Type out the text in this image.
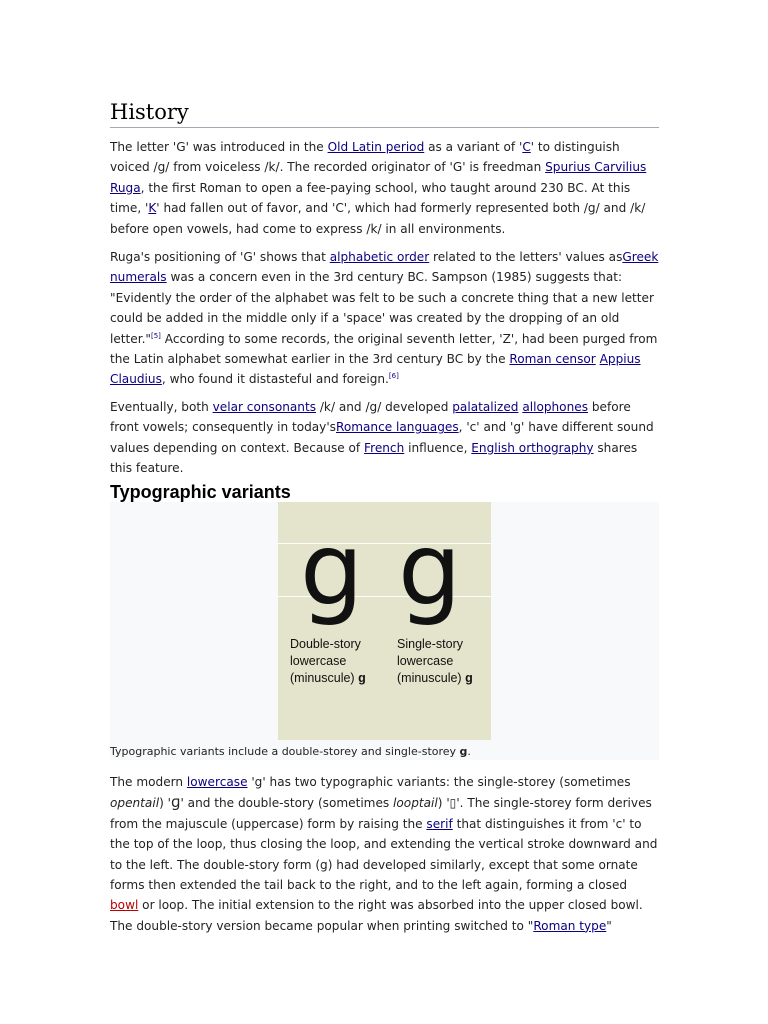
History

The letter 'G' was introduced in the Old Latin period as a variant of 'C' to distinguish voiced /g/ from voiceless /k/. The recorded originator of 'G' is freedman Spurius Carvilius Ruga, the first Roman to open a fee-paying school, who taught around 230 BC. At this time, 'K' had fallen out of favor, and 'C', which had formerly represented both /g/ and /k/ before open vowels, had come to express /k/ in all environments.

Ruga's positioning of 'G' shows that alphabetic order related to the letters' values asGreek numerals was a concern even in the 3rd century BC. Sampson (1985) suggests that: "Evidently the order of the alphabet was felt to be such a concrete thing that a new letter could be added in the middle only if a 'space' was created by the dropping of an old letter."[5] According to some records, the original seventh letter, 'Z', had been purged from the Latin alphabet somewhat earlier in the 3rd century BC by the Roman censor Appius Claudius, who found it distasteful and foreign.[6]

Eventually, both velar consonants /k/ and /g/ developed palatalized allophones before front vowels; consequently in today'sRomance languages, 'c' and 'g' have different sound values depending on context. Because of French influence, English orthography shares this feature.

Typographic variants
g g
Double-story
lowercase
(minuscule) g
Single-story
lowercase
(minuscule) g
Typographic variants include a double-storey and single-storey g.

The modern lowercase 'g' has two typographic variants: the single-storey (sometimes opentail) 'ɡ' and the double-story (sometimes looptail) '▯'. The single-storey form derives from the majuscule (uppercase) form by raising the serif that distinguishes it from 'c' to the top of the loop, thus closing the loop, and extending the vertical stroke downward and to the left. The double-story form (g) had developed similarly, except that some ornate forms then extended the tail back to the right, and to the left again, forming a closed bowl or loop. The initial extension to the right was absorbed into the upper closed bowl. The double-story version became popular when printing switched to "Roman type"
